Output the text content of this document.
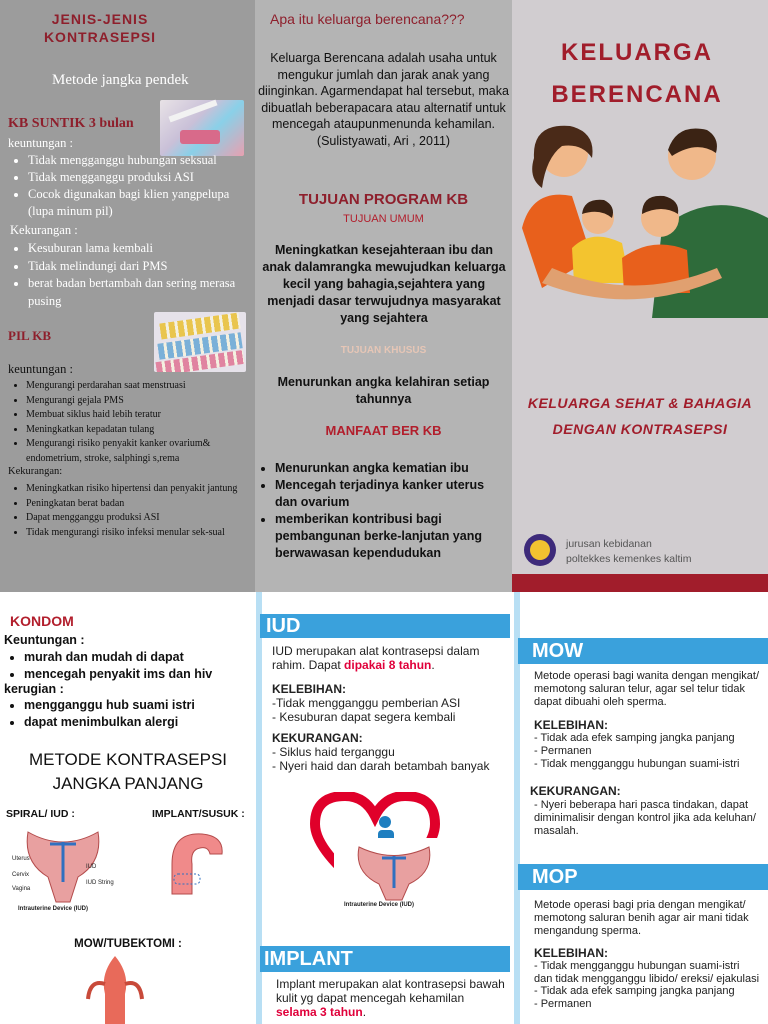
JENIS-JENIS
KONTRASEPSI
Metode jangka pendek
KB SUNTIK 3 bulan
keuntungan :
• Tidak mengganggu hubungan seksual
• Tidak mengganggu produksi ASI
• Cocok digunakan bagi klien yangpelupa (lupa minum pil)
Kekurangan :
• Kesuburan lama kembali
• Tidak melindungi dari PMS
• berat badan bertambah dan sering merasa pusing
PIL KB
keuntungan :
• Mengurangi perdarahan saat menstruasi
• Mengurangi gejala PMS
• Membuat siklus haid lebih teratur
• Meningkatkan kepadatan tulang
• Mengurangi risiko penyakit kanker ovarium& endometrium, stroke, salphingi s,rema
Kekurangan:
• Meningkatkan risiko hipertensi dan penyakit jantung
• Peningkatan berat badan
• Dapat mengganggu produksi ASI
• Tidak mengurangi risiko infeksi menular sek-sual
Apa itu keluarga berencana???
Keluarga Berencana adalah usaha untuk mengukur jumlah dan jarak anak yang diinginkan. Agarmendapat hal tersebut, maka dibuatlah beberapacara atau alternatif untuk mencegah ataupunmenunda kehamilan. (Sulistyawati, Ari , 2011)
TUJUAN PROGRAM KB
TUJUAN UMUM
Meningkatkan kesejahteraan ibu dan anak dalamrangka mewujudkan keluarga kecil yang bahagia,sejahtera yang menjadi dasar terwujudnya masyarakat yang sejahtera
TUJUAN KHUSUS
Menurunkan angka kelahiran setiap tahunnya
MANFAAT BER KB
• Menurunkan angka kematian ibu
• Mencegah terjadinya kanker uterus dan ovarium
• memberikan kontribusi bagi pembangunan berke-lanjutan yang berwawasan kependudukan
KELUARGA
BERENCANA
KELUARGA SEHAT & BAHAGIA
DENGAN KONTRASEPSI
jurusan kebidanan
poltekkes kemenkes kaltim
KONDOM
Keuntungan :
• murah dan mudah di dapat
• mencegah penyakit ims dan hiv
kerugian :
• mengganggu hub suami istri
• dapat menimbulkan alergi
METODE KONTRASEPSI
JANGKA PANJANG
SPIRAL/ IUD :	IMPLANT/SUSUK :
Uterus
IUD
Cervix
IUD String
Vagina
Intrauterine Device (IUD)
MOW/TUBEKTOMI :
IUD
IUD merupakan alat kontrasepsi dalam rahim. Dapat dipakai 8 tahun.
KELEBIHAN:
-Tidak mengganggu pemberian ASI
- Kesuburan dapat segera kembali
KEKURANGAN:
- Siklus haid terganggu
- Nyeri haid dan darah betambah banyak
Intrauterine Device (IUD)
IMPLANT
Implant merupakan alat kontrasepsi bawah kulit yg dapat mencegah kehamilan selama 3 tahun.
MOW
Metode operasi bagi wanita dengan mengikat/ memotong saluran telur, agar sel telur tidak dapat dibuahi oleh sperma.
KELEBIHAN:
- Tidak ada efek samping jangka panjang
- Permanen
- Tidak mengganggu hubungan suami-istri
KEKURANGAN:
- Nyeri beberapa hari pasca tindakan, dapat diminimalisir dengan kontrol jika ada keluhan/ masalah.
MOP
Metode operasi bagi pria dengan mengikat/ memotong saluran benih agar air mani tidak mengandung sperma.
KELEBIHAN:
- Tidak mengganggu hubungan suami-istri dan tidak mengganggu libido/ ereksi/ ejakulasi
- Tidak ada efek samping jangka panjang
- Permanen
